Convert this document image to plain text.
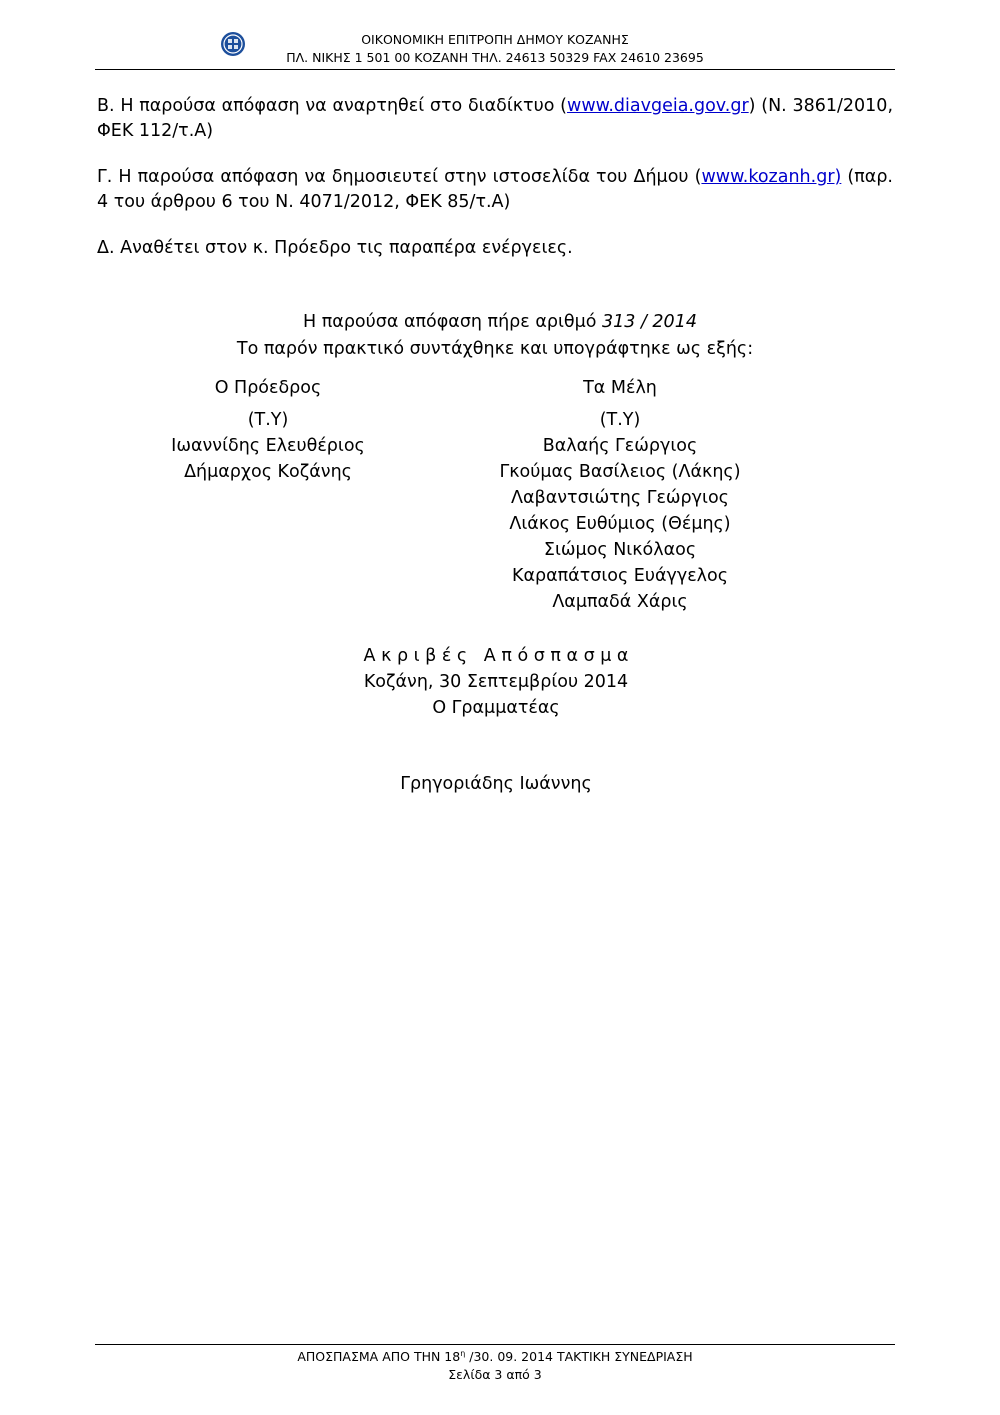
ΟΙΚΟΝΟΜΙΚΗ ΕΠΙΤΡΟΠΗ ΔΗΜΟΥ ΚΟΖΑΝΗΣ
ΠΛ. ΝΙΚΗΣ 1 501 00 ΚΟΖΑΝΗ ΤΗΛ. 24613 50329 FAX 24610 23695
Β. Η παρούσα απόφαση να αναρτηθεί στο διαδίκτυο (www.diavgeia.gov.gr) (Ν. 3861/2010, ΦΕΚ 112/τ.Α)
Γ. Η παρούσα απόφαση να δημοσιευτεί στην ιστοσελίδα του Δήμου (www.kozanh.gr) (παρ. 4 του άρθρου 6 του Ν. 4071/2012, ΦΕΚ 85/τ.Α)
Δ. Αναθέτει στον κ. Πρόεδρο τις παραπέρα ενέργειες.
Η παρούσα απόφαση πήρε αριθμό 313 / 2014
Το παρόν πρακτικό συντάχθηκε και υπογράφτηκε ως εξής:
Ο Πρόεδρος
(Τ.Υ)
Ιωαννίδης Ελευθέριος
Δήμαρχος Κοζάνης
Τα Μέλη
(Τ.Υ)
Βαλαής Γεώργιος
Γκούμας Βασίλειος (Λάκης)
Λαβαντσιώτης Γεώργιος
Λιάκος Ευθύμιος (Θέμης)
Σιώμος Νικόλαος
Καραπάτσιος Ευάγγελος
Λαμπαδά Χάρις
Α κ ρ ι β έ ς   Α π ό σ π α σ μ α
Κοζάνη, 30 Σεπτεμβρίου 2014
Ο Γραμματέας
Γρηγοριάδης Ιωάννης
ΑΠΟΣΠΑΣΜΑ ΑΠΟ ΤΗΝ $18^\eta$ /30. 09. 2014 ΤΑΚΤΙΚΗ ΣΥΝΕΔΡΙΑΣΗ
Σελίδα 3 από 3
